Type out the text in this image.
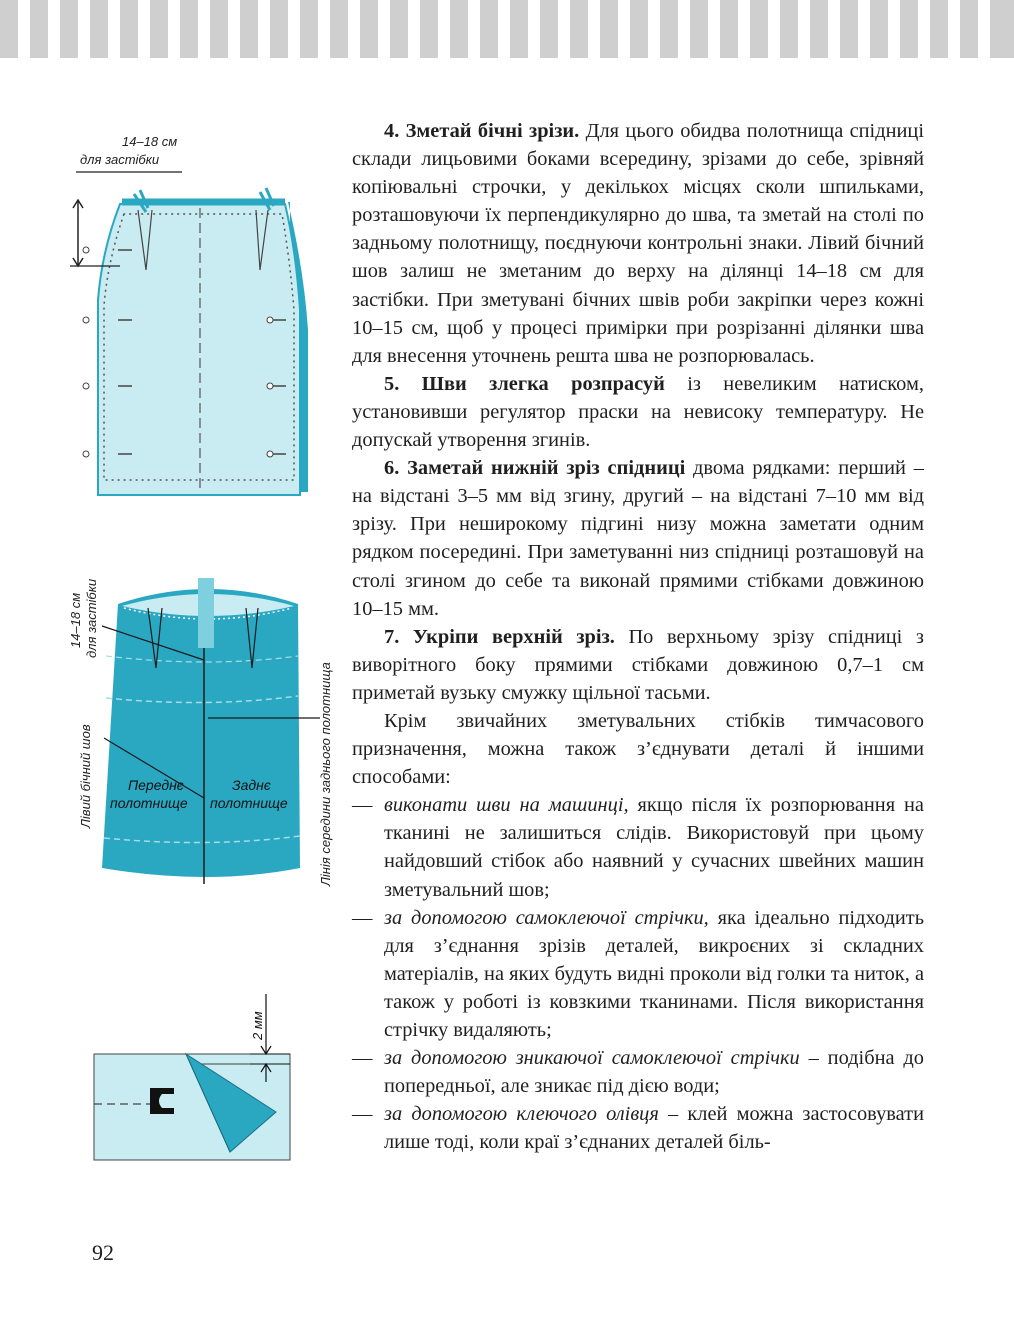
14–18 см
для застібки
14–18 см для застібки
Лівий бічний шов	Лінія середини заднього полотнища
Переднє
полотнище
Заднє
полотнище
2 мм

4. Зметай бічні зрізи. Для цього обидва полотнища спідниці склади лицьовими боками всередину, зрізами до себе, зрівняй копіювальні строчки, у декількох місцях сколи шпильками, розташовуючи їх перпендикулярно до шва, та зметай на столі по задньому полотнищу, поєднуючи контрольні знаки. Лівий бічний шов залиш не зметаним до верху на ділянці 14–18 см для застібки. При зметувані бічних швів роби закріпки через кожні 10–15 см, щоб у процесі примірки при розрізанні ділянки шва для внесення уточнень решта шва не розпорювалась.

5. Шви злегка розпрасуй із невеликим натиском, установивши регулятор праски на невисоку температуру. Не допускай утворення згинів.

6. Заметай нижній зріз спідниці двома рядками: перший – на відстані 3–5 мм від згину, другий – на відстані 7–10 мм від зрізу. При неширокому підгині низу можна заметати одним рядком посередині. При заметуванні низ спідниці розташовуй на столі згином до себе та виконай прямими стібками довжиною 10–15 мм.

7. Укріпи верхній зріз. По верхньому зрізу спідниці з виворітного боку прямими стібками довжиною 0,7–1 см приметай вузьку смужку щільної тасьми.

Крім звичайних зметувальних стібків тимчасового призначення, можна також з’єднувати деталі й іншими способами:

— виконати шви на машинці, якщо після їх розпорювання на тканині не залишиться слідів. Використовуй при цьому найдовший стібок або наявний у сучасних швейних машин зметувальний шов;
— за допомогою самоклеючої стрічки, яка ідеально підходить для з’єднання зрізів деталей, викроєних зі складних матеріалів, на яких будуть видні проколи від голки та ниток, а також у роботі із ковзкими тканинами. Після використання стрічку видаляють;
— за допомогою зникаючої самоклеючої стрічки – подібна до попередньої, але зникає під дією води;
— за допомогою клеючого олівця – клей можна застосовувати лише тоді, коли краї з’єднаних деталей біль-
92
